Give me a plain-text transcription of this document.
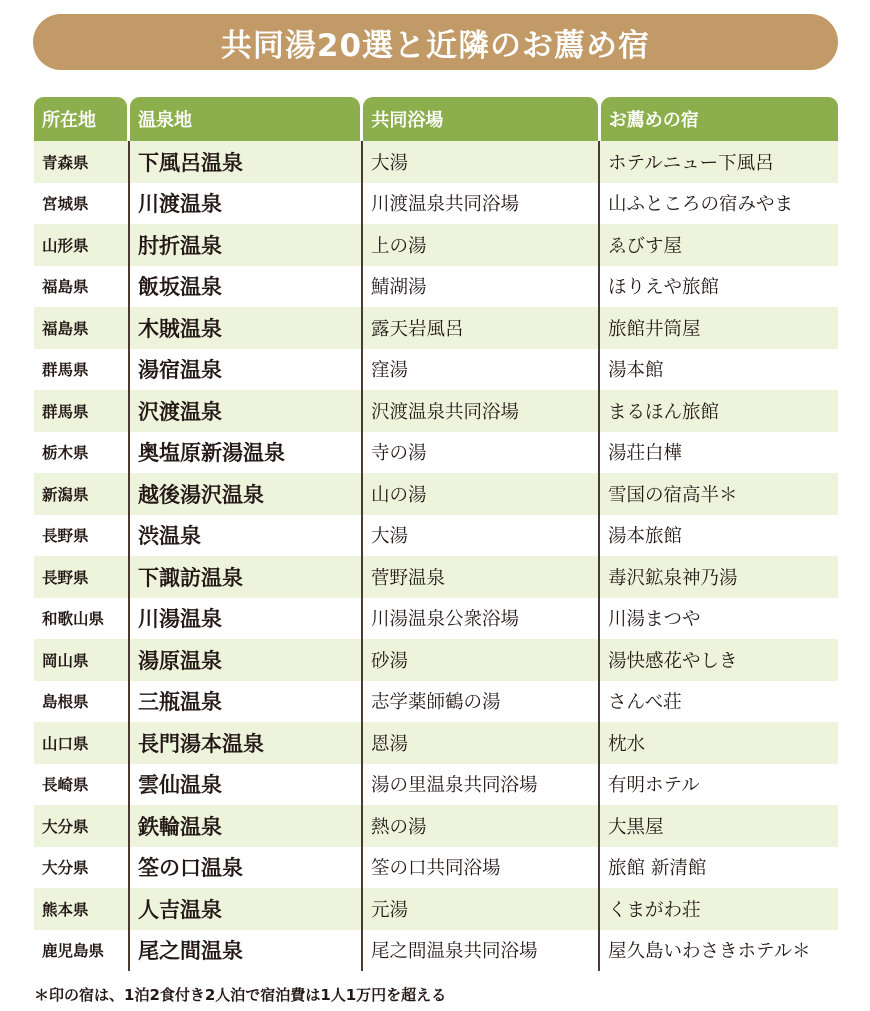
共同湯20選と近隣のお薦め宿
所在地	温泉地	共同浴場	お薦めの宿
青森県	下風呂温泉	大湯	ホテルニュー下風呂
宮城県	川渡温泉	川渡温泉共同浴場	山ふところの宿みやま
山形県	肘折温泉	上の湯	ゑびす屋
福島県	飯坂温泉	鯖湖湯	ほりえや旅館
福島県	木賊温泉	露天岩風呂	旅館井筒屋
群馬県	湯宿温泉	窪湯	湯本館
群馬県	沢渡温泉	沢渡温泉共同浴場	まるほん旅館
栃木県	奥塩原新湯温泉	寺の湯	湯荘白樺
新潟県	越後湯沢温泉	山の湯	雪国の宿高半＊
長野県	渋温泉	大湯	湯本旅館
長野県	下諏訪温泉	菅野温泉	毒沢鉱泉神乃湯
和歌山県	川湯温泉	川湯温泉公衆浴場	川湯まつや
岡山県	湯原温泉	砂湯	湯快感花やしき
島根県	三瓶温泉	志学薬師鶴の湯	さんべ荘
山口県	長門湯本温泉	恩湯	枕水
長崎県	雲仙温泉	湯の里温泉共同浴場	有明ホテル
大分県	鉄輪温泉	熱の湯	大黒屋
大分県	筌の口温泉	筌の口共同浴場	旅館 新清館
熊本県	人吉温泉	元湯	くまがわ荘
鹿児島県	尾之間温泉	尾之間温泉共同浴場	屋久島いわさきホテル＊
＊印の宿は、1泊2食付き2人泊で宿泊費は1人1万円を超える
